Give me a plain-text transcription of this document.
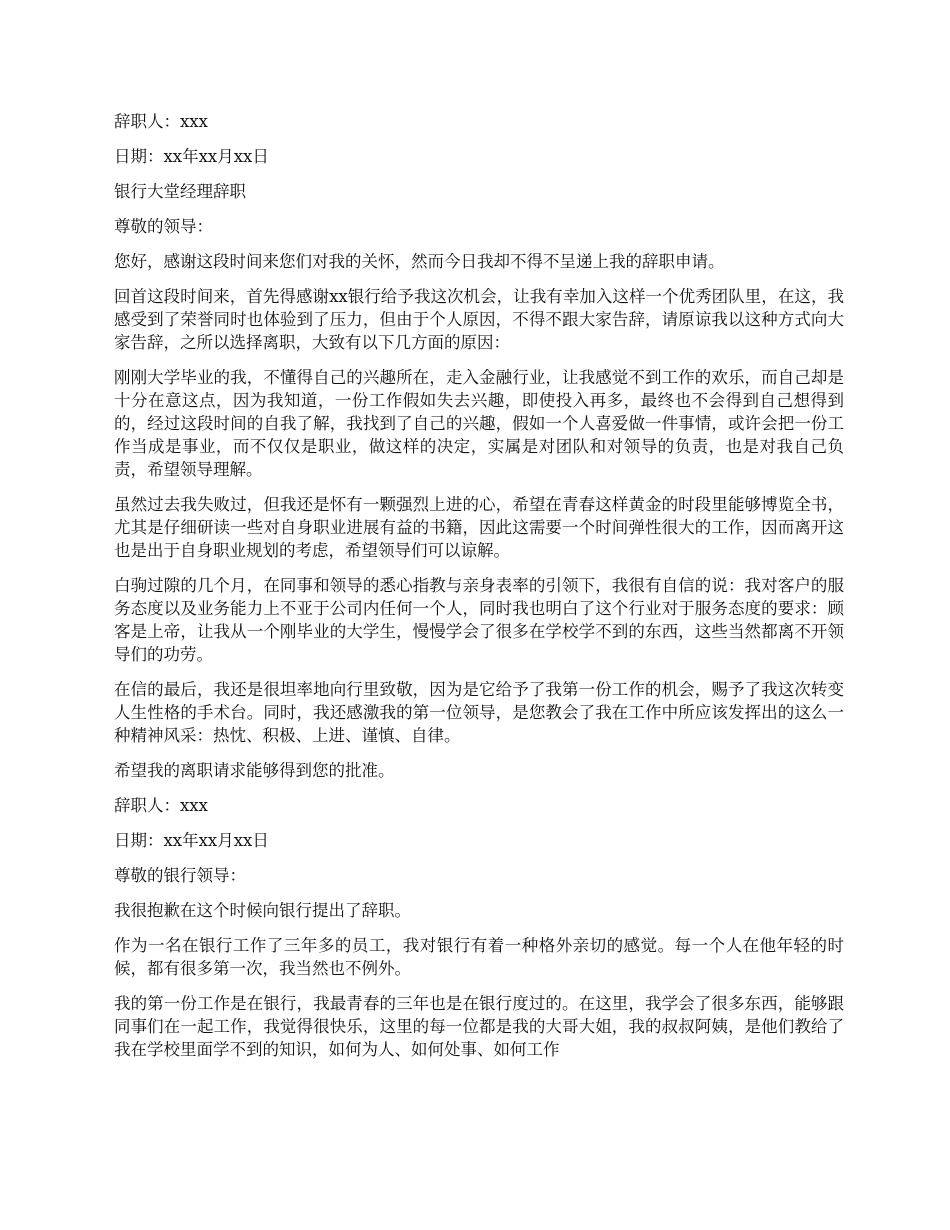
辞职人：xxx

日期：xx年xx月xx日

银行大堂经理辞职

尊敬的领导：

您好，感谢这段时间来您们对我的关怀，然而今日我却不得不呈递上我的辞职申请。

回首这段时间来，首先得感谢xx银行给予我这次机会，让我有幸加入这样一个优秀团队里，在这，我感受到了荣誉同时也体验到了压力，但由于个人原因，不得不跟大家告辞，请原谅我以这种方式向大家告辞，之所以选择离职，大致有以下几方面的原因：

刚刚大学毕业的我，不懂得自己的兴趣所在，走入金融行业，让我感觉不到工作的欢乐，而自己却是十分在意这点，因为我知道，一份工作假如失去兴趣，即使投入再多，最终也不会得到自己想得到的，经过这段时间的自我了解，我找到了自己的兴趣，假如一个人喜爱做一件事情，或许会把一份工作当成是事业，而不仅仅是职业，做这样的决定，实属是对团队和对领导的负责，也是对我自己负责，希望领导理解。

虽然过去我失败过，但我还是怀有一颗强烈上进的心，希望在青春这样黄金的时段里能够博览全书，尤其是仔细研读一些对自身职业进展有益的书籍，因此这需要一个时间弹性很大的工作，因而离开这也是出于自身职业规划的考虑，希望领导们可以谅解。

白驹过隙的几个月，在同事和领导的悉心指教与亲身表率的引领下，我很有自信的说：我对客户的服务态度以及业务能力上不亚于公司内任何一个人，同时我也明白了这个行业对于服务态度的要求：顾客是上帝，让我从一个刚毕业的大学生，慢慢学会了很多在学校学不到的东西，这些当然都离不开领导们的功劳。

在信的最后，我还是很坦率地向行里致敬，因为是它给予了我第一份工作的机会，赐予了我这次转变人生性格的手术台。同时，我还感激我的第一位领导，是您教会了我在工作中所应该发挥出的这么一种精神风采：热忱、积极、上进、谨慎、自律。

希望我的离职请求能够得到您的批准。

辞职人：xxx

日期：xx年xx月xx日

尊敬的银行领导：

我很抱歉在这个时候向银行提出了辞职。

作为一名在银行工作了三年多的员工，我对银行有着一种格外亲切的感觉。每一个人在他年轻的时候，都有很多第一次，我当然也不例外。

我的第一份工作是在银行，我最青春的三年也是在银行度过的。在这里，我学会了很多东西，能够跟同事们在一起工作，我觉得很快乐，这里的每一位都是我的大哥大姐，我的叔叔阿姨，是他们教给了我在学校里面学不到的知识，如何为人、如何处事、如何工作
